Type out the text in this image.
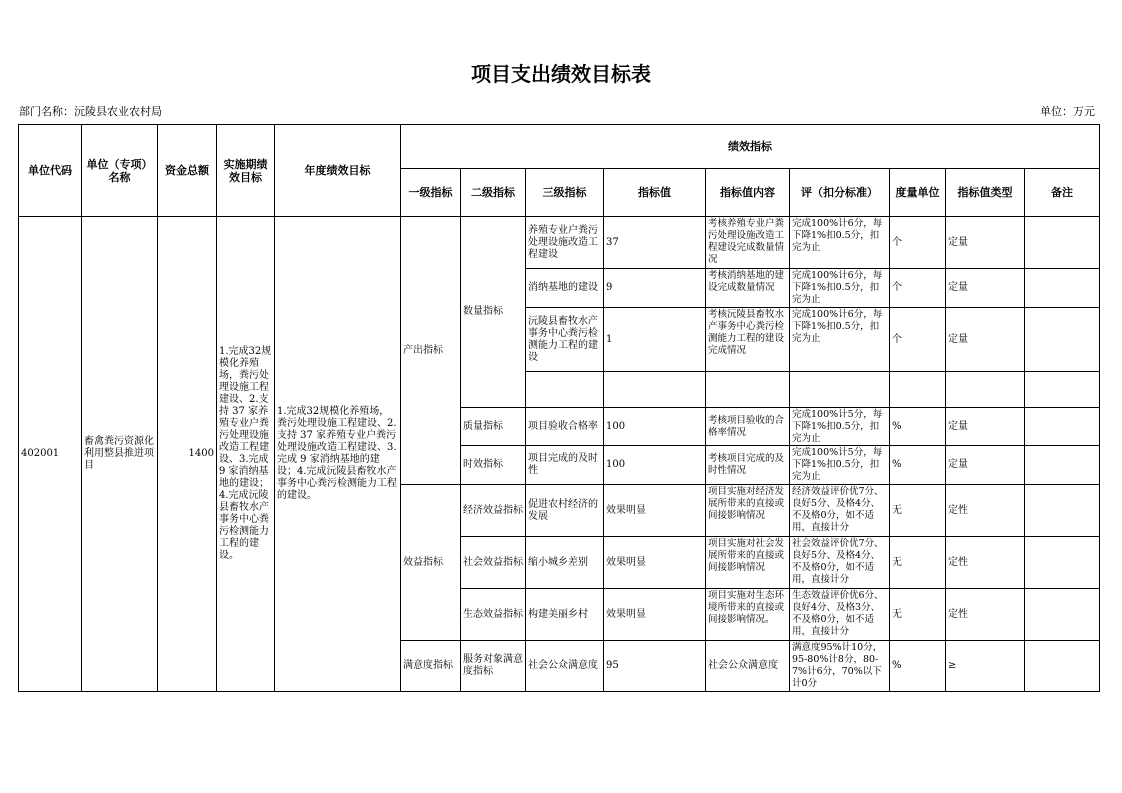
项目支出绩效目标表
部门名称：沅陵县农业农村局	单位：万元
单位代码	单位（专项）名称	资金总额	实施期绩效目标	年度绩效目标	绩效指标								
					一级指标	二级指标	三级指标	指标值	指标值内容	评（扣分标准）	度量单位	指标值类型	备注
402001	畜禽粪污资源化利用整县推进项目	1400	1.完成32规模化养殖场，粪污处理设施工程建设、2.支持 37 家养殖专业户粪污处理设施改造工程建设、3.完成 9 家消纳基地的建设；4.完成沅陵县畜牧水产事务中心粪污检测能力工程的建设。	1.完成32规模化养殖场，粪污处理设施工程建设、2.支持 37 家养殖专业户粪污处理设施改造工程建设、3.完成 9 家消纳基地的建设；4.完成沅陵县畜牧水产事务中心粪污检测能力工程的建设。	产出指标	数量指标	养殖专业户粪污处理设施改造工程建设	37	考核养殖专业户粪污处理设施改造工程建设完成数量情况	完成100%计6分，每下降1%扣0.5分，扣完为止	个	定量	
							消纳基地的建设	9	考核消纳基地的建设完成数量情况	完成100%计6分，每下降1%扣0.5分，扣完为止	个	定量	
							沅陵县畜牧水产事务中心粪污检测能力工程的建设	1	考核沅陵县畜牧水产事务中心粪污检测能力工程的建设完成情况	完成100%计6分，每下降1%扣0.5分，扣完为止	个	定量	

						质量指标	项目验收合格率	100	考核项目验收的合格率情况	完成100%计5分，每下降1%扣0.5分，扣完为止	%	定量	
						时效指标	项目完成的及时性	100	考核项目完成的及时性情况	完成100%计5分，每下降1%扣0.5分，扣完为止	%	定量	
					效益指标	经济效益指标	促进农村经济的发展	效果明显	项目实施对经济发展所带来的直接或间接影响情况	经济效益评价优7分、良好5分、及格4分、不及格0分，如不适用，直接计分	无	定性	
						社会效益指标	缩小城乡差别	效果明显	项目实施对社会发展所带来的直接或间接影响情况	社会效益评价优7分、良好5分、及格4分、不及格0分，如不适用，直接计分	无	定性	
						生态效益指标	构建美丽乡村	效果明显	项目实施对生态环境所带来的直接或间接影响情况。	生态效益评价优6分、良好4分、及格3分、不及格0分，如不适用，直接计分	无	定性	
					满意度指标	服务对象满意度指标	社会公众满意度	95	社会公众满意度	满意度95%计10分，95-80%计8分，80-7%计6分，70%以下计0分	%	≥	
